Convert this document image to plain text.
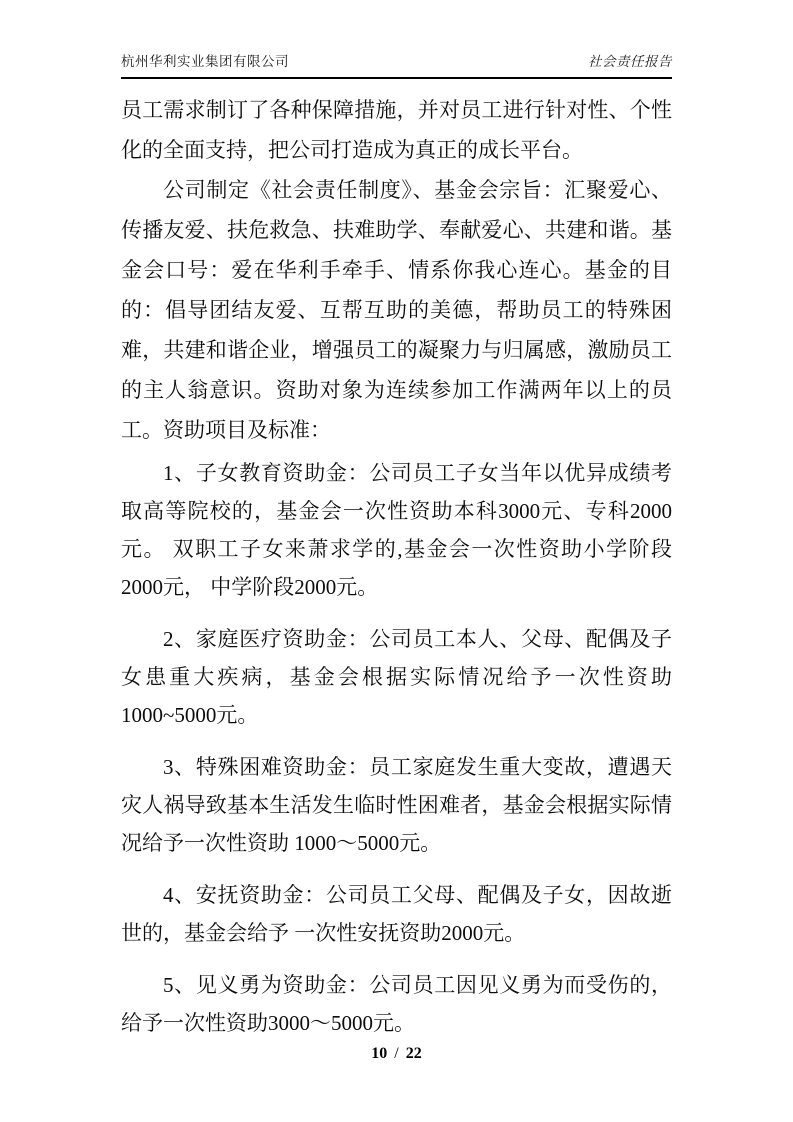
杭州华利实业集团有限公司	社会责任报告

员工需求制订了各种保障措施，并对员工进行针对性、个性化的全面支持，把公司打造成为真正的成长平台。

公司制定《社会责任制度》、基金会宗旨：汇聚爱心、传播友爱、扶危救急、扶难助学、奉献爱心、共建和谐。基金会口号：爱在华利手牵手、情系你我心连心。基金的目的：倡导团结友爱、互帮互助的美德，帮助员工的特殊困难，共建和谐企业，增强员工的凝聚力与归属感，激励员工的主人翁意识。资助对象为连续参加工作满两年以上的员工。资助项目及标准：

1、子女教育资助金：公司员工子女当年以优异成绩考取高等院校的，基金会一次性资助本科3000元、专科2000元。 双职工子女来萧求学的,基金会一次性资助小学阶段2000元， 中学阶段2000元。

2、家庭医疗资助金：公司员工本人、父母、配偶及子女患重大疾病，基金会根据实际情况给予一次性资助 1000~5000元。

3、特殊困难资助金：员工家庭发生重大变故，遭遇天灾人祸导致基本生活发生临时性困难者，基金会根据实际情况给予一次性资助 1000～5000元。

4、安抚资助金：公司员工父母、配偶及子女，因故逝世的，基金会给予 一次性安抚资助2000元。

5、见义勇为资助金：公司员工因见义勇为而受伤的，给予一次性资助3000～5000元。

10 / 22
